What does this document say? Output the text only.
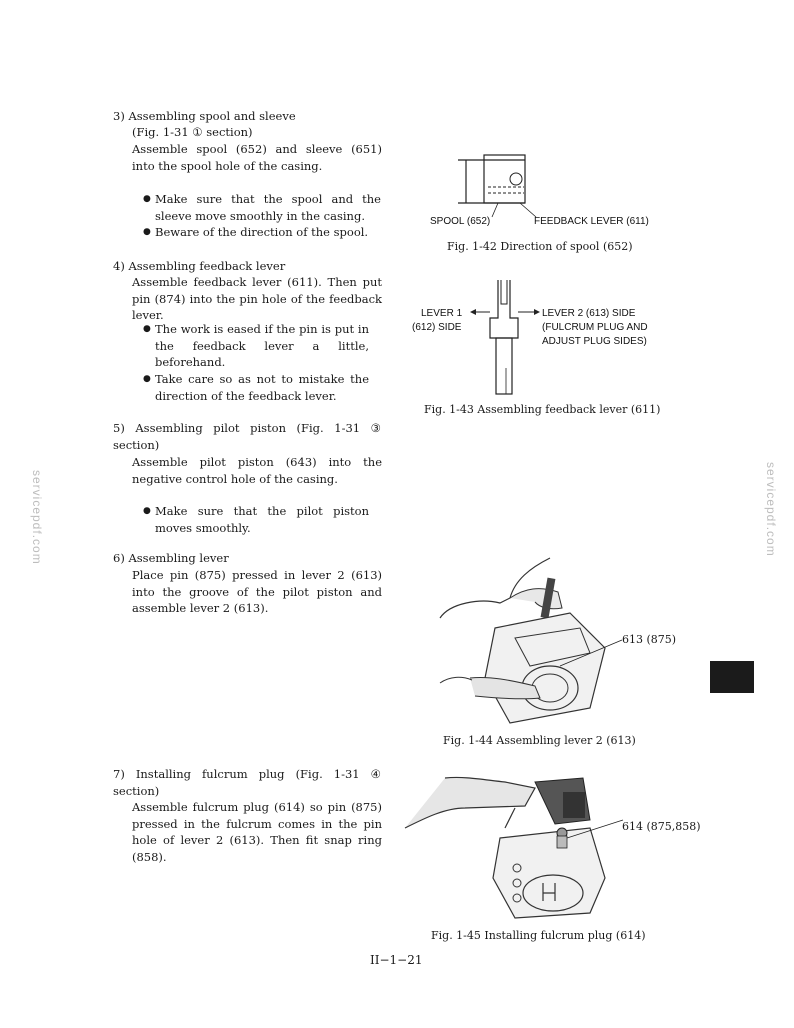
servicepdf.com	servicepdf.com
3) Assembling spool and sleeve
(Fig. 1-31 ① section)
Assemble spool (652) and sleeve (651) into the spool hole of the casing.
● Make sure that the spool and the sleeve move smoothly in the casing.
● Beware of the direction of the spool.
4) Assembling feedback lever
Assemble feedback lever (611). Then put pin (874) into the pin hole of the feedback lever.
● The work is eased if the pin is put in the feedback lever a little, beforehand.
● Take care so as not to mistake the direction of the feedback lever.
5) Assembling pilot piston (Fig. 1-31 ③ section)
Assemble pilot piston (643) into the negative control hole of the casing.
● Make sure that the pilot piston moves smoothly.
6) Assembling lever
Place pin (875) pressed in lever 2 (613) into the groove of the pilot piston and assemble lever 2 (613).
7) Installing fulcrum plug (Fig. 1-31 ④ section)
Assemble fulcrum plug (614) so pin (875) pressed in the fulcrum comes in the pin hole of lever 2 (613). Then fit snap ring (858).
SPOOL (652)	FEEDBACK LEVER (611)
Fig. 1-42 Direction of spool (652)
LEVER 1
(612) SIDE
LEVER 2 (613) SIDE
(FULCRUM PLUG AND
ADJUST PLUG SIDES)
Fig. 1-43 Assembling feedback lever (611)
613 (875)
Fig. 1-44 Assembling lever 2 (613)
614 (875,858)
Fig. 1-45 Installing fulcrum plug (614)
II−1−21
